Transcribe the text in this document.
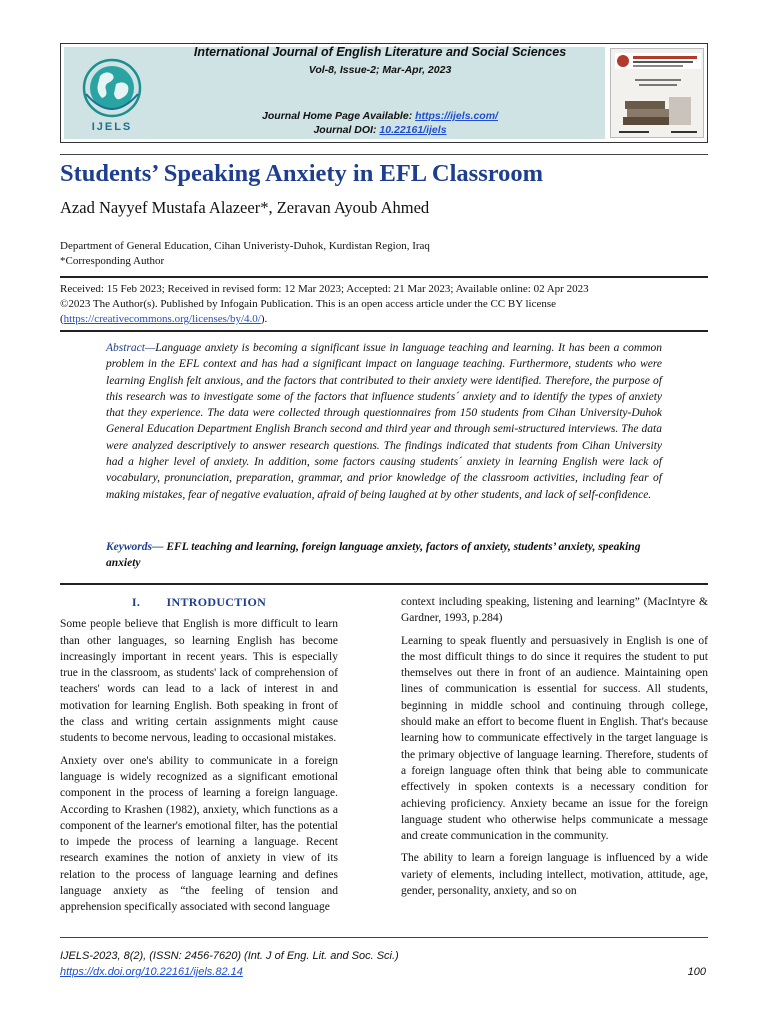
IJELS
International Journal of English Literature and Social Sciences
Vol-8, Issue-2; Mar-Apr, 2023
Journal Home Page Available: https://ijels.com/
Journal DOI: 10.22161/ijels
Students’ Speaking Anxiety in EFL Classroom
Azad Nayyef Mustafa Alazeer*, Zeravan Ayoub Ahmed
Department of General Education, Cihan Univeristy-Duhok, Kurdistan Region, Iraq
*Corresponding Author
Received: 15 Feb 2023; Received in revised form: 12 Mar 2023; Accepted: 21 Mar 2023; Available online: 02 Apr 2023
©2023 The Author(s). Published by Infogain Publication. This is an open access article under the CC BY license
(https://creativecommons.org/licenses/by/4.0/).
Abstract—Language anxiety is becoming a significant issue in language teaching and learning. It has been a common problem in the EFL context and has had a significant impact on language teaching. Furthermore, students who were learning English felt anxious, and the factors that contributed to their anxiety were identified. Therefore, the purpose of this research was to investigate some of the factors that influence students´ anxiety and to identify the types of anxiety that they experience. The data were collected through questionnaires from 150 students from Cihan University-Duhok General Education Department English Branch second and third year and through semi-structured interviews. The data were analyzed descriptively to answer research questions. The findings indicated that students from Cihan University had a higher level of anxiety. In addition, some factors causing students´ anxiety in learning English were lack of vocabulary, pronunciation, preparation, grammar, and prior knowledge of the classroom activities, including fear of making mistakes, fear of negative evaluation, afraid of being laughed at by other students, and lack of self-confidence.
Keywords— EFL teaching and learning, foreign language anxiety, factors of anxiety, students’ anxiety, speaking anxiety
I.        INTRODUCTION

Some people believe that English is more difficult to learn than other languages, so learning English has become increasingly important in recent years. This is especially true in the classroom, as students' lack of comprehension of teachers' words can lead to a lack of interest in and motivation for learning English. Both speaking in front of the class and writing certain assignments might cause students to become nervous, leading to occasional mistakes.

Anxiety over one's ability to communicate in a foreign language is widely recognized as a significant emotional component in the process of learning a foreign language. According to Krashen (1982), anxiety, which functions as a component of the learner's emotional filter, has the potential to impede the process of learning a language. Recent research examines the notion of anxiety in view of its relation to the process of language learning and defines language anxiety as “the feeling of tension and apprehension specifically associated with second language

context including speaking, listening and learning” (MacIntyre & Gardner, 1993, p.284)

Learning to speak fluently and persuasively in English is one of the most difficult things to do since it requires the student to put themselves out there in front of an audience. Maintaining open lines of communication is essential for success. All students, beginning in middle school and continuing through college, should make an effort to become fluent in English. That's because learning how to communicate effectively in the target language is the primary objective of language learning. Therefore, students of a foreign language often think that being able to communicate effectively in spoken contexts is a necessary condition for achieving proficiency. Anxiety became an issue for the foreign language student who otherwise helps communicate a message and create communication in the community.

The ability to learn a foreign language is influenced by a wide variety of elements, including intellect, motivation, attitude, age, gender, personality, anxiety, and so on

IJELS-2023, 8(2), (ISSN: 2456-7620) (Int. J of Eng. Lit. and Soc. Sci.)
https://dx.doi.org/10.22161/ijels.82.14	100
